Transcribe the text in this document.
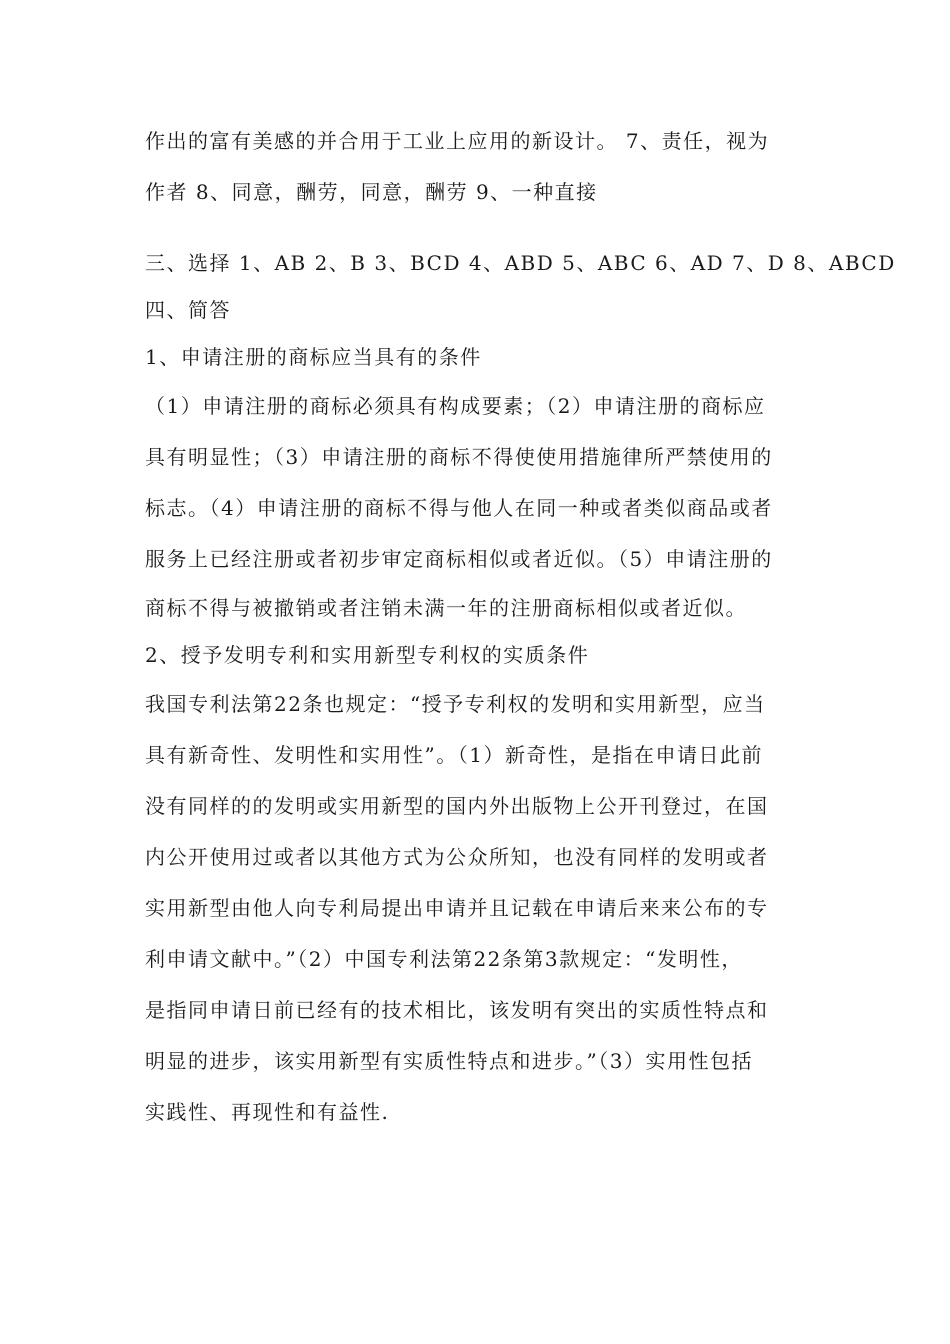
作出的富有美感的并合用于工业上应用的新设计。 7、责任，视为
作者 8、同意，酬劳，同意，酬劳 9、一种直接
三、选择 1、AB 2、B 3、BCD 4、ABD 5、ABC 6、AD 7、D 8、ABCD
四、简答
1、申请注册的商标应当具有的条件
（1）申请注册的商标必须具有构成要素；（2）申请注册的商标应
具有明显性；（3）申请注册的商标不得使使用措施律所严禁使用的
标志。（4）申请注册的商标不得与他人在同一种或者类似商品或者
服务上已经注册或者初步审定商标相似或者近似。（5）申请注册的
商标不得与被撤销或者注销未满一年的注册商标相似或者近似。
2、授予发明专利和实用新型专利权的实质条件
我国专利法第22条也规定：“授予专利权的发明和实用新型，应当
具有新奇性、发明性和实用性”。（1）新奇性，是指在申请日此前
没有同样的的发明或实用新型的国内外出版物上公开刊登过，在国
内公开使用过或者以其他方式为公众所知，也没有同样的发明或者
实用新型由他人向专利局提出申请并且记载在申请后来来公布的专
利申请文献中。”（2）中国专利法第22条第3款规定：“发明性，
是指同申请日前已经有的技术相比，该发明有突出的实质性特点和
明显的进步，该实用新型有实质性特点和进步。”（3）实用性包括
实践性、再现性和有益性.
